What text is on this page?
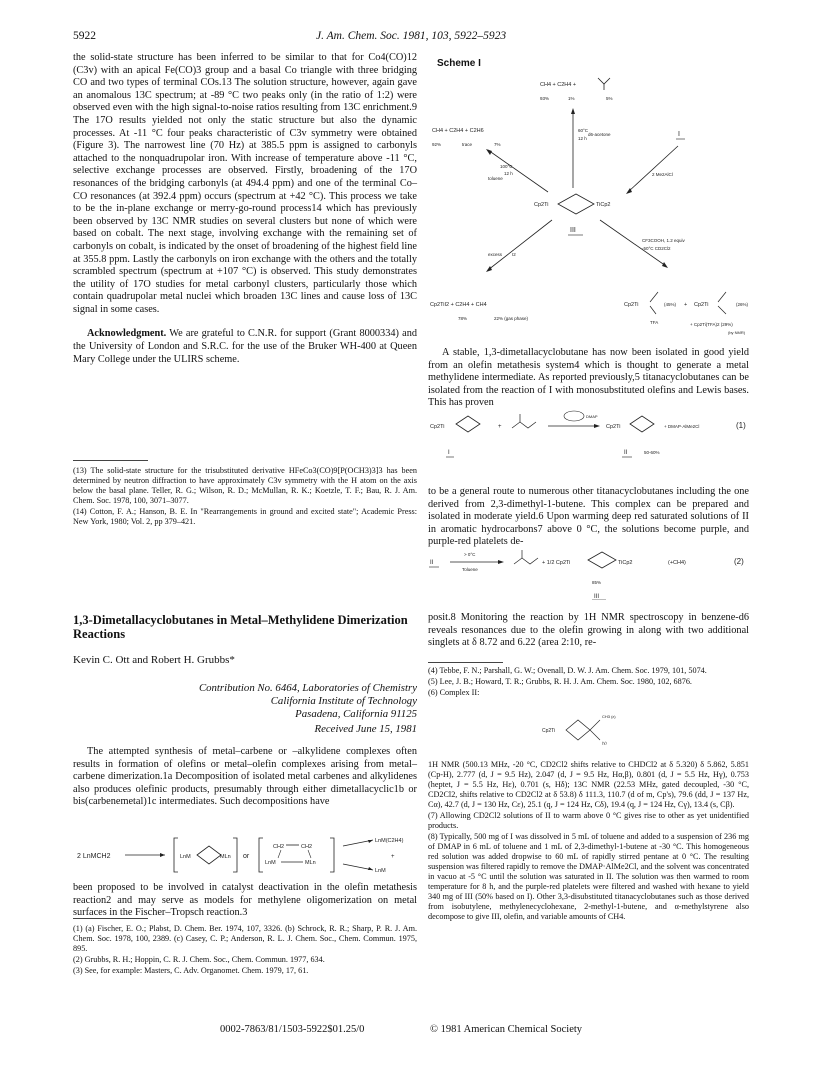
5922	J. Am. Chem. Soc. 1981, 103, 5922–5923

the solid-state structure has been inferred to be similar to that for Co4(CO)12 (C3v) with an apical Fe(CO)3 group and a basal Co triangle with three bridging CO and two types of terminal COs.13 The solution structure, however, again gave an anomalous 13C spectrum; at -89 °C two peaks only (in the ratio of 1:2) were observed even with the high signal-to-noise ratios resulting from 13C enrichment.9 The 17O results yielded not only the static structure but also the dynamic processes. At -11 °C four peaks characteristic of C3v symmetry were obtained (Figure 3). The narrowest line (70 Hz) at 385.5 ppm is assigned to carbonyls attached to the nonquadrupolar iron. With increase of temperature above -11 °C, selective exchange processes are observed. Firstly, broadening of the 17O resonances of the bridging carbonyls (at 494.4 ppm) and one of the terminal Co–CO resonances (at 392.4 ppm) occurs (spectrum at +42 °C). This process we take to be the in-plane exchange or merry-go-round process14 which has previously been observed by 13C NMR studies on several clusters but none of which were based on cobalt. The next stage, involving exchange with the remaining set of carbonyls on cobalt, is indicated by the onset of broadening of the highest field line at 355.8 ppm. Lastly the carbonyls on iron exchange with the others and the totally scrambled spectrum (spectrum at +107 °C) is observed. This study demonstrates the utility of 17O studies for metal carbonyl clusters, particularly those which contain quadrupolar metal nuclei which broaden 13C lines and cause loss of 13C signal in some cases.

Acknowledgment. We are grateful to C.N.R. for support (Grant 8000334) and the University of London and S.R.C. for the use of the Bruker WH-400 at Queen Mary College under the ULIRS scheme.

(13) The solid-state structure for the trisubstituted derivative HFeCo3(CO)9[P(OCH3)3]3 has been determined by neutron diffraction to have approximately C3v symmetry with the H atom on the axis below the basal plane. Teller, R. G.; Wilson, R. D.; McMullan, R. K.; Koetzle, T. F.; Bau, R. J. Am. Chem. Soc. 1978, 100, 3071–3077.

(14) Cotton, F. A.; Hanson, B. E. In "Rearrangements in ground and excited state"; Academic Press: New York, 1980; Vol. 2, pp 379–421.

1,3-Dimetallacyclobutanes in Metal–Methylidene Dimerization Reactions
Kevin C. Ott and Robert H. Grubbs*
Contribution No. 6464, Laboratories of Chemistry
California Institute of Technology
Pasadena, California 91125
Received June 15, 1981

The attempted synthesis of metal–carbene or –alkylidene complexes often results in formation of olefins or metal–olefin complexes arising from metal–carbene dimerization.1a Decomposition of isolated metal carbenes and alkylidenes also produces olefinic products, presumably through either dimetallacyclic1b or bis(carbenemetal)1c intermediates. Such decompositions have

2 LnMCH2	LnM	MLn or
CH2	CH2
LnM	MLn
LnM(C2H4)
LnM
+

been proposed to be involved in catalyst deactivation in the olefin metathesis reaction2 and may serve as models for methylene oligomerization on metal surfaces in the Fischer–Tropsch reaction.3

(1) (a) Fischer, E. O.; Plabst, D. Chem. Ber. 1974, 107, 3326. (b) Schrock, R. R.; Sharp, P. R. J. Am. Chem. Soc. 1978, 100, 2389. (c) Casey, C. P.; Anderson, R. L. J. Chem. Soc., Chem. Commun. 1975, 895.

(2) Grubbs, R. H.; Hoppin, C. R. J. Chem. Soc., Chem. Commun. 1977, 634.

(3) See, for example: Masters, C. Adv. Organomet. Chem. 1979, 17, 61.

Scheme I
CH4 + C2H4 +
93%	1%	5%
I
CH4 + C2H4 + C2H6
92%	trace	7%
60°C
12 h
d6-acetone
100°C
12 h
toluene
2 Me2AlCl
Cp2Ti	TiCp2
III
excess I2
CF3COOH, 1.2 equiv
-50°C CD2Cl2
Cp2TiI2 + C2H4 + CH4
78%	22% (gas phase)
Cp2Ti
TFA
(45%) + Cp2Ti	(26%)
+ Cp2Ti(TFA)2 (29%)
(by NMR)

A stable, 1,3-dimetallacyclobutane has now been isolated in good yield from an olefin metathesis system4 which is thought to generate a metal methylidene intermediate. As reported previously,5 titanacyclobutanes can be isolated from the reaction of I with monosubstituted olefins and Lewis bases. This has proven

Cp2Ti
I
+
DMAP
Cp2Ti
II	50-60%
+ DMAP·AlMe2Cl	(1)

to be a general route to numerous other titanacyclobutanes including the one derived from 2,3-dimethyl-1-butene. This complex can be prepared and isolated in moderate yield.6 Upon warming deep red saturated solutions of II in aromatic hydrocarbons7 above 0 °C, the solutions become purple, and purple-red platelets de-

II
> 0°C
Toluene
+ 1/2 Cp2Ti	TiCp2
85%
III
(+CH4)	(2)

posit.8 Monitoring the reaction by 1H NMR spectroscopy in benzene-d6 reveals resonances due to the olefin growing in along with two additional singlets at δ 8.72 and 6.22 (area 2:10, re-

(4) Tebbe, F. N.; Parshall, G. W.; Ovenall, D. W. J. Am. Chem. Soc. 1979, 101, 5074.

(5) Lee, J. B.; Howard, T. R.; Grubbs, R. H. J. Am. Chem. Soc. 1980, 102, 6876.

(6) Complex II:

Cp2Ti
CH3 (ε)
(γ)

1H NMR (500.13 MHz, -20 °C, CD2Cl2 shifts relative to CHDCl2 at δ 5.320) δ 5.862, 5.851 (Cp-H), 2.777 (d, J = 9.5 Hz), 2.047 (d, J = 9.5 Hz, Hα,β), 0.801 (d, J = 5.5 Hz, Hγ), 0.753 (heptet, J = 5.5 Hz, Hε), 0.701 (s, Hδ); 13C NMR (22.53 MHz, gated decoupled, -30 °C, CD2Cl2, shifts relative to CD2Cl2 at δ 53.8) δ 111.3, 110.7 (d of m, Cp's), 79.6 (dd, J = 137 Hz, Cα), 42.7 (d, J = 130 Hz, Cε), 25.1 (q, J = 124 Hz, Cδ), 19.4 (q, J = 124 Hz, Cγ), 13.4 (s, Cβ).

(7) Allowing CD2Cl2 solutions of II to warm above 0 °C gives rise to other as yet unidentified products.

(8) Typically, 500 mg of I was dissolved in 5 mL of toluene and added to a suspension of 236 mg of DMAP in 6 mL of toluene and 1 mL of 2,3-dimethyl-1-butene at -30 °C. This homogeneous red solution was added dropwise to 60 mL of rapidly stirred pentane at 0 °C. The resulting suspension was filtered rapidly to remove the DMAP·AlMe2Cl, and the solvent was concentrated in vacuo at -5 °C until the solution was saturated in II. The solution was then warmed to room temperature for 8 h, and the purple-red platelets were filtered and washed with hexane to yield 340 mg of III (50% based on I). Other 3,3-disubstituted titanacyclobutanes such as those derived from isobutylene, methylenecyclohexane, 2-methyl-1-butene, and α-methylstyrene also decompose to give III, olefin, and variable amounts of CH4.

0002-7863/81/1503-5922$01.25/0	© 1981 American Chemical Society
